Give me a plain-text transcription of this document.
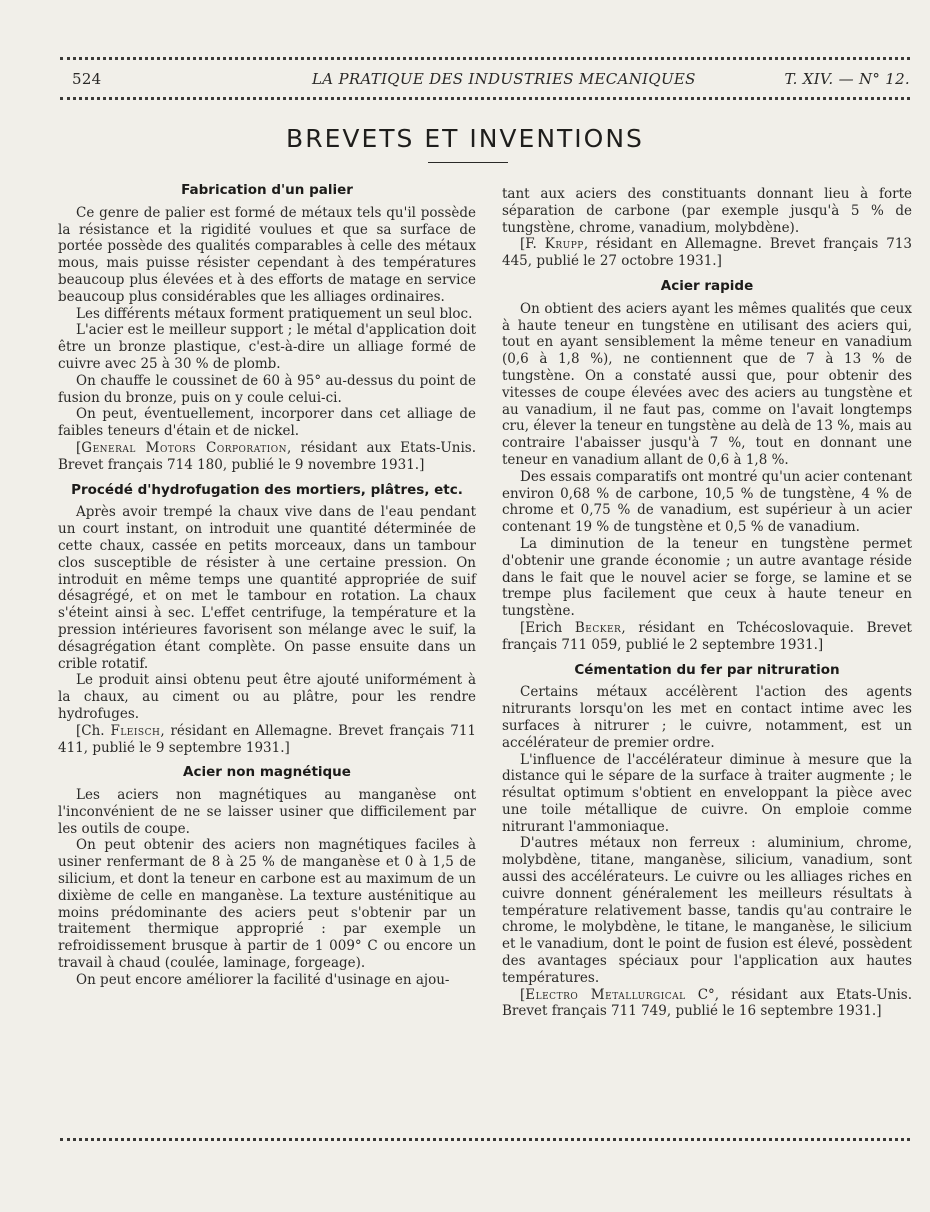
524	LA PRATIQUE DES INDUSTRIES MECANIQUES	T. XIV. — N° 12.
BREVETS ET INVENTIONS
Fabrication d'un palier

Ce genre de palier est formé de métaux tels qu'il possède la résistance et la rigidité voulues et que sa surface de portée possède des qualités comparables à celle des métaux mous, mais puisse résister cependant à des températures beaucoup plus élevées et à des efforts de matage en service beaucoup plus considérables que les alliages ordinaires.

Les différents métaux forment pratiquement un seul bloc.

L'acier est le meilleur support ; le métal d'application doit être un bronze plastique, c'est-à-dire un alliage formé de cuivre avec 25 à 30 % de plomb.

On chauffe le coussinet de 60 à 95° au-dessus du point de fusion du bronze, puis on y coule celui-ci.

On peut, éventuellement, incorporer dans cet alliage de faibles teneurs d'étain et de nickel.

[General Motors Corporation, résidant aux Etats-Unis. Brevet français 714 180, publié le 9 novembre 1931.]

Procédé d'hydrofugation des mortiers, plâtres, etc.

Après avoir trempé la chaux vive dans de l'eau pendant un court instant, on introduit une quantité déterminée de cette chaux, cassée en petits morceaux, dans un tambour clos susceptible de résister à une certaine pression. On introduit en même temps une quantité appropriée de suif désagrégé, et on met le tambour en rotation. La chaux s'éteint ainsi à sec. L'effet centrifuge, la température et la pression intérieures favorisent son mélange avec le suif, la désagrégation étant complète. On passe ensuite dans un crible rotatif.

Le produit ainsi obtenu peut être ajouté uniformément à la chaux, au ciment ou au plâtre, pour les rendre hydrofuges.

[Ch. Fleisch, résidant en Allemagne. Brevet français 711 411, publié le 9 septembre 1931.]

Acier non magnétique

Les aciers non magnétiques au manganèse ont l'inconvénient de ne se laisser usiner que difficilement par les outils de coupe.

On peut obtenir des aciers non magnétiques faciles à usiner renfermant de 8 à 25 % de manganèse et 0 à 1,5 de silicium, et dont la teneur en carbone est au maximum de un dixième de celle en manganèse. La texture austénitique au moins prédominante des aciers peut s'obtenir par un traitement thermique approprié : par exemple un refroidissement brusque à partir de 1 009° C ou encore un travail à chaud (coulée, laminage, forgeage).

On peut encore améliorer la facilité d'usinage en ajou-

tant aux aciers des constituants donnant lieu à forte séparation de carbone (par exemple jusqu'à 5 % de tungstène, chrome, vanadium, molybdène).

[F. Krupp, résidant en Allemagne. Brevet français 713 445, publié le 27 octobre 1931.]

Acier rapide

On obtient des aciers ayant les mêmes qualités que ceux à haute teneur en tungstène en utilisant des aciers qui, tout en ayant sensiblement la même teneur en vanadium (0,6 à 1,8 %), ne contiennent que de 7 à 13 % de tungstène. On a constaté aussi que, pour obtenir des vitesses de coupe élevées avec des aciers au tungstène et au vanadium, il ne faut pas, comme on l'avait longtemps cru, élever la teneur en tungstène au delà de 13 %, mais au contraire l'abaisser jusqu'à 7 %, tout en donnant une teneur en vanadium allant de 0,6 à 1,8 %.

Des essais comparatifs ont montré qu'un acier contenant environ 0,68 % de carbone, 10,5 % de tungstène, 4 % de chrome et 0,75 % de vanadium, est supérieur à un acier contenant 19 % de tungstène et 0,5 % de vanadium.

La diminution de la teneur en tungstène permet d'obtenir une grande économie ; un autre avantage réside dans le fait que le nouvel acier se forge, se lamine et se trempe plus facilement que ceux à haute teneur en tungstène.

[Erich Becker, résidant en Tchécoslovaquie. Brevet français 711 059, publié le 2 septembre 1931.]

Cémentation du fer par nitruration

Certains métaux accélèrent l'action des agents nitrurants lorsqu'on les met en contact intime avec les surfaces à nitrurer ; le cuivre, notamment, est un accélérateur de premier ordre.

L'influence de l'accélérateur diminue à mesure que la distance qui le sépare de la surface à traiter augmente ; le résultat optimum s'obtient en enveloppant la pièce avec une toile métallique de cuivre. On emploie comme nitrurant l'ammoniaque.

D'autres métaux non ferreux : aluminium, chrome, molybdène, titane, manganèse, silicium, vanadium, sont aussi des accélérateurs. Le cuivre ou les alliages riches en cuivre donnent généralement les meilleurs résultats à température relativement basse, tandis qu'au contraire le chrome, le molybdène, le titane, le manganèse, le silicium et le vanadium, dont le point de fusion est élevé, possèdent des avantages spéciaux pour l'application aux hautes températures.

[Electro Metallurgical C°, résidant aux Etats-Unis. Brevet français 711 749, publié le 16 septembre 1931.]
